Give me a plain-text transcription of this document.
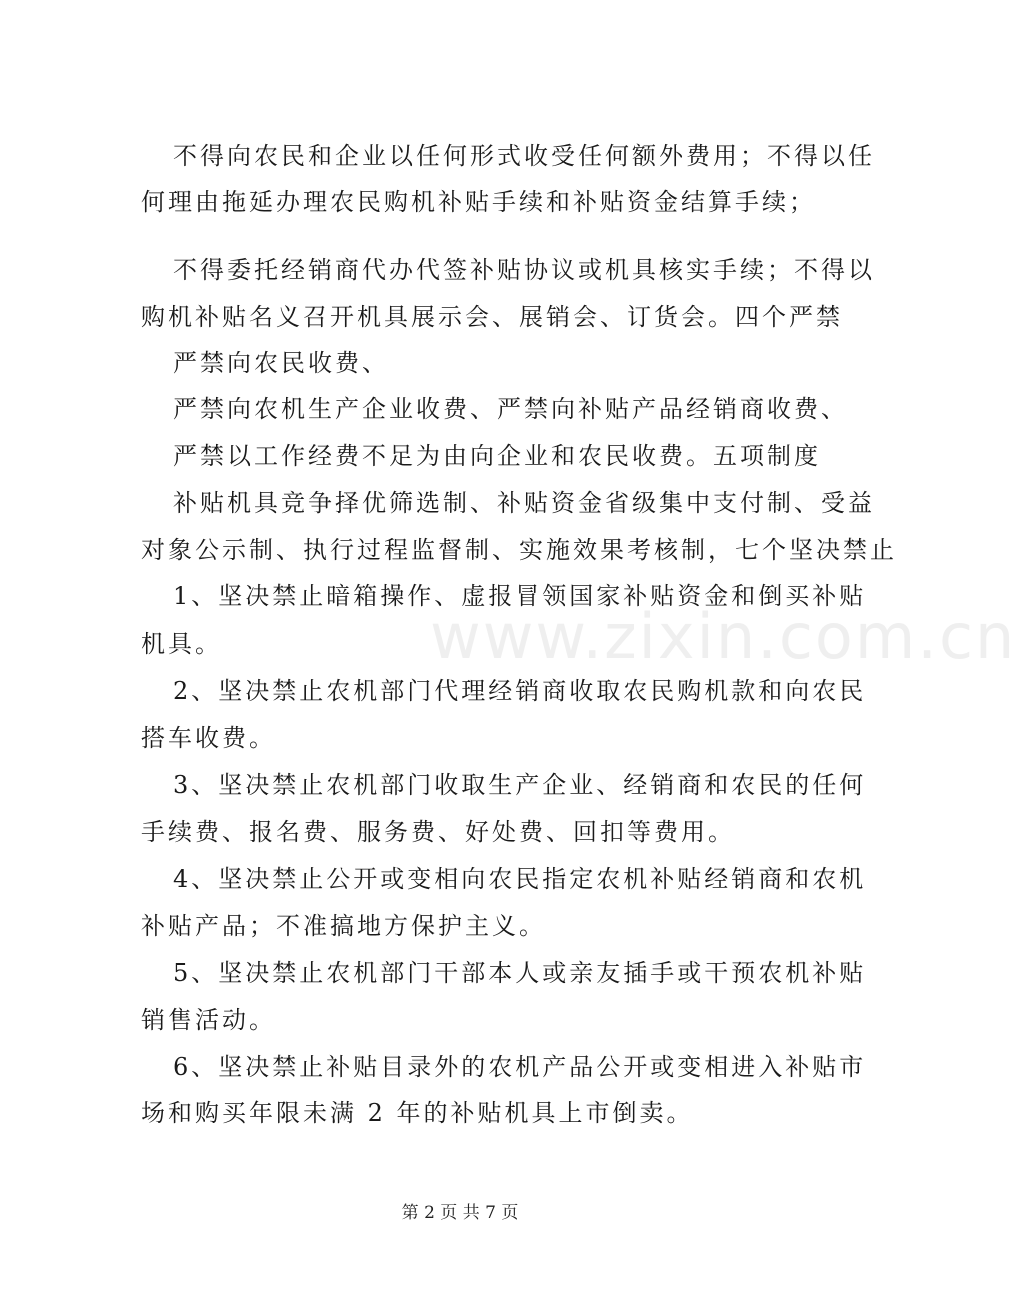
不得向农民和企业以任何形式收受任何额外费用；不得以任
何理由拖延办理农民购机补贴手续和补贴资金结算手续；
不得委托经销商代办代签补贴协议或机具核实手续；不得以
购机补贴名义召开机具展示会、展销会、订货会。四个严禁
严禁向农民收费、
严禁向农机生产企业收费、严禁向补贴产品经销商收费、
严禁以工作经费不足为由向企业和农民收费。五项制度
补贴机具竞争择优筛选制、补贴资金省级集中支付制、受益
对象公示制、执行过程监督制、实施效果考核制，七个坚决禁止
1、坚决禁止暗箱操作、虚报冒领国家补贴资金和倒买补贴
机具。
2、坚决禁止农机部门代理经销商收取农民购机款和向农民
搭车收费。
3、坚决禁止农机部门收取生产企业、经销商和农民的任何
手续费、报名费、服务费、好处费、回扣等费用。
4、坚决禁止公开或变相向农民指定农机补贴经销商和农机
补贴产品；不准搞地方保护主义。
5、坚决禁止农机部门干部本人或亲友插手或干预农机补贴
销售活动。
6、坚决禁止补贴目录外的农机产品公开或变相进入补贴市
场和购买年限未满 2 年的补贴机具上市倒卖。
www.zixin.com.cn
第 2 页 共 7 页
